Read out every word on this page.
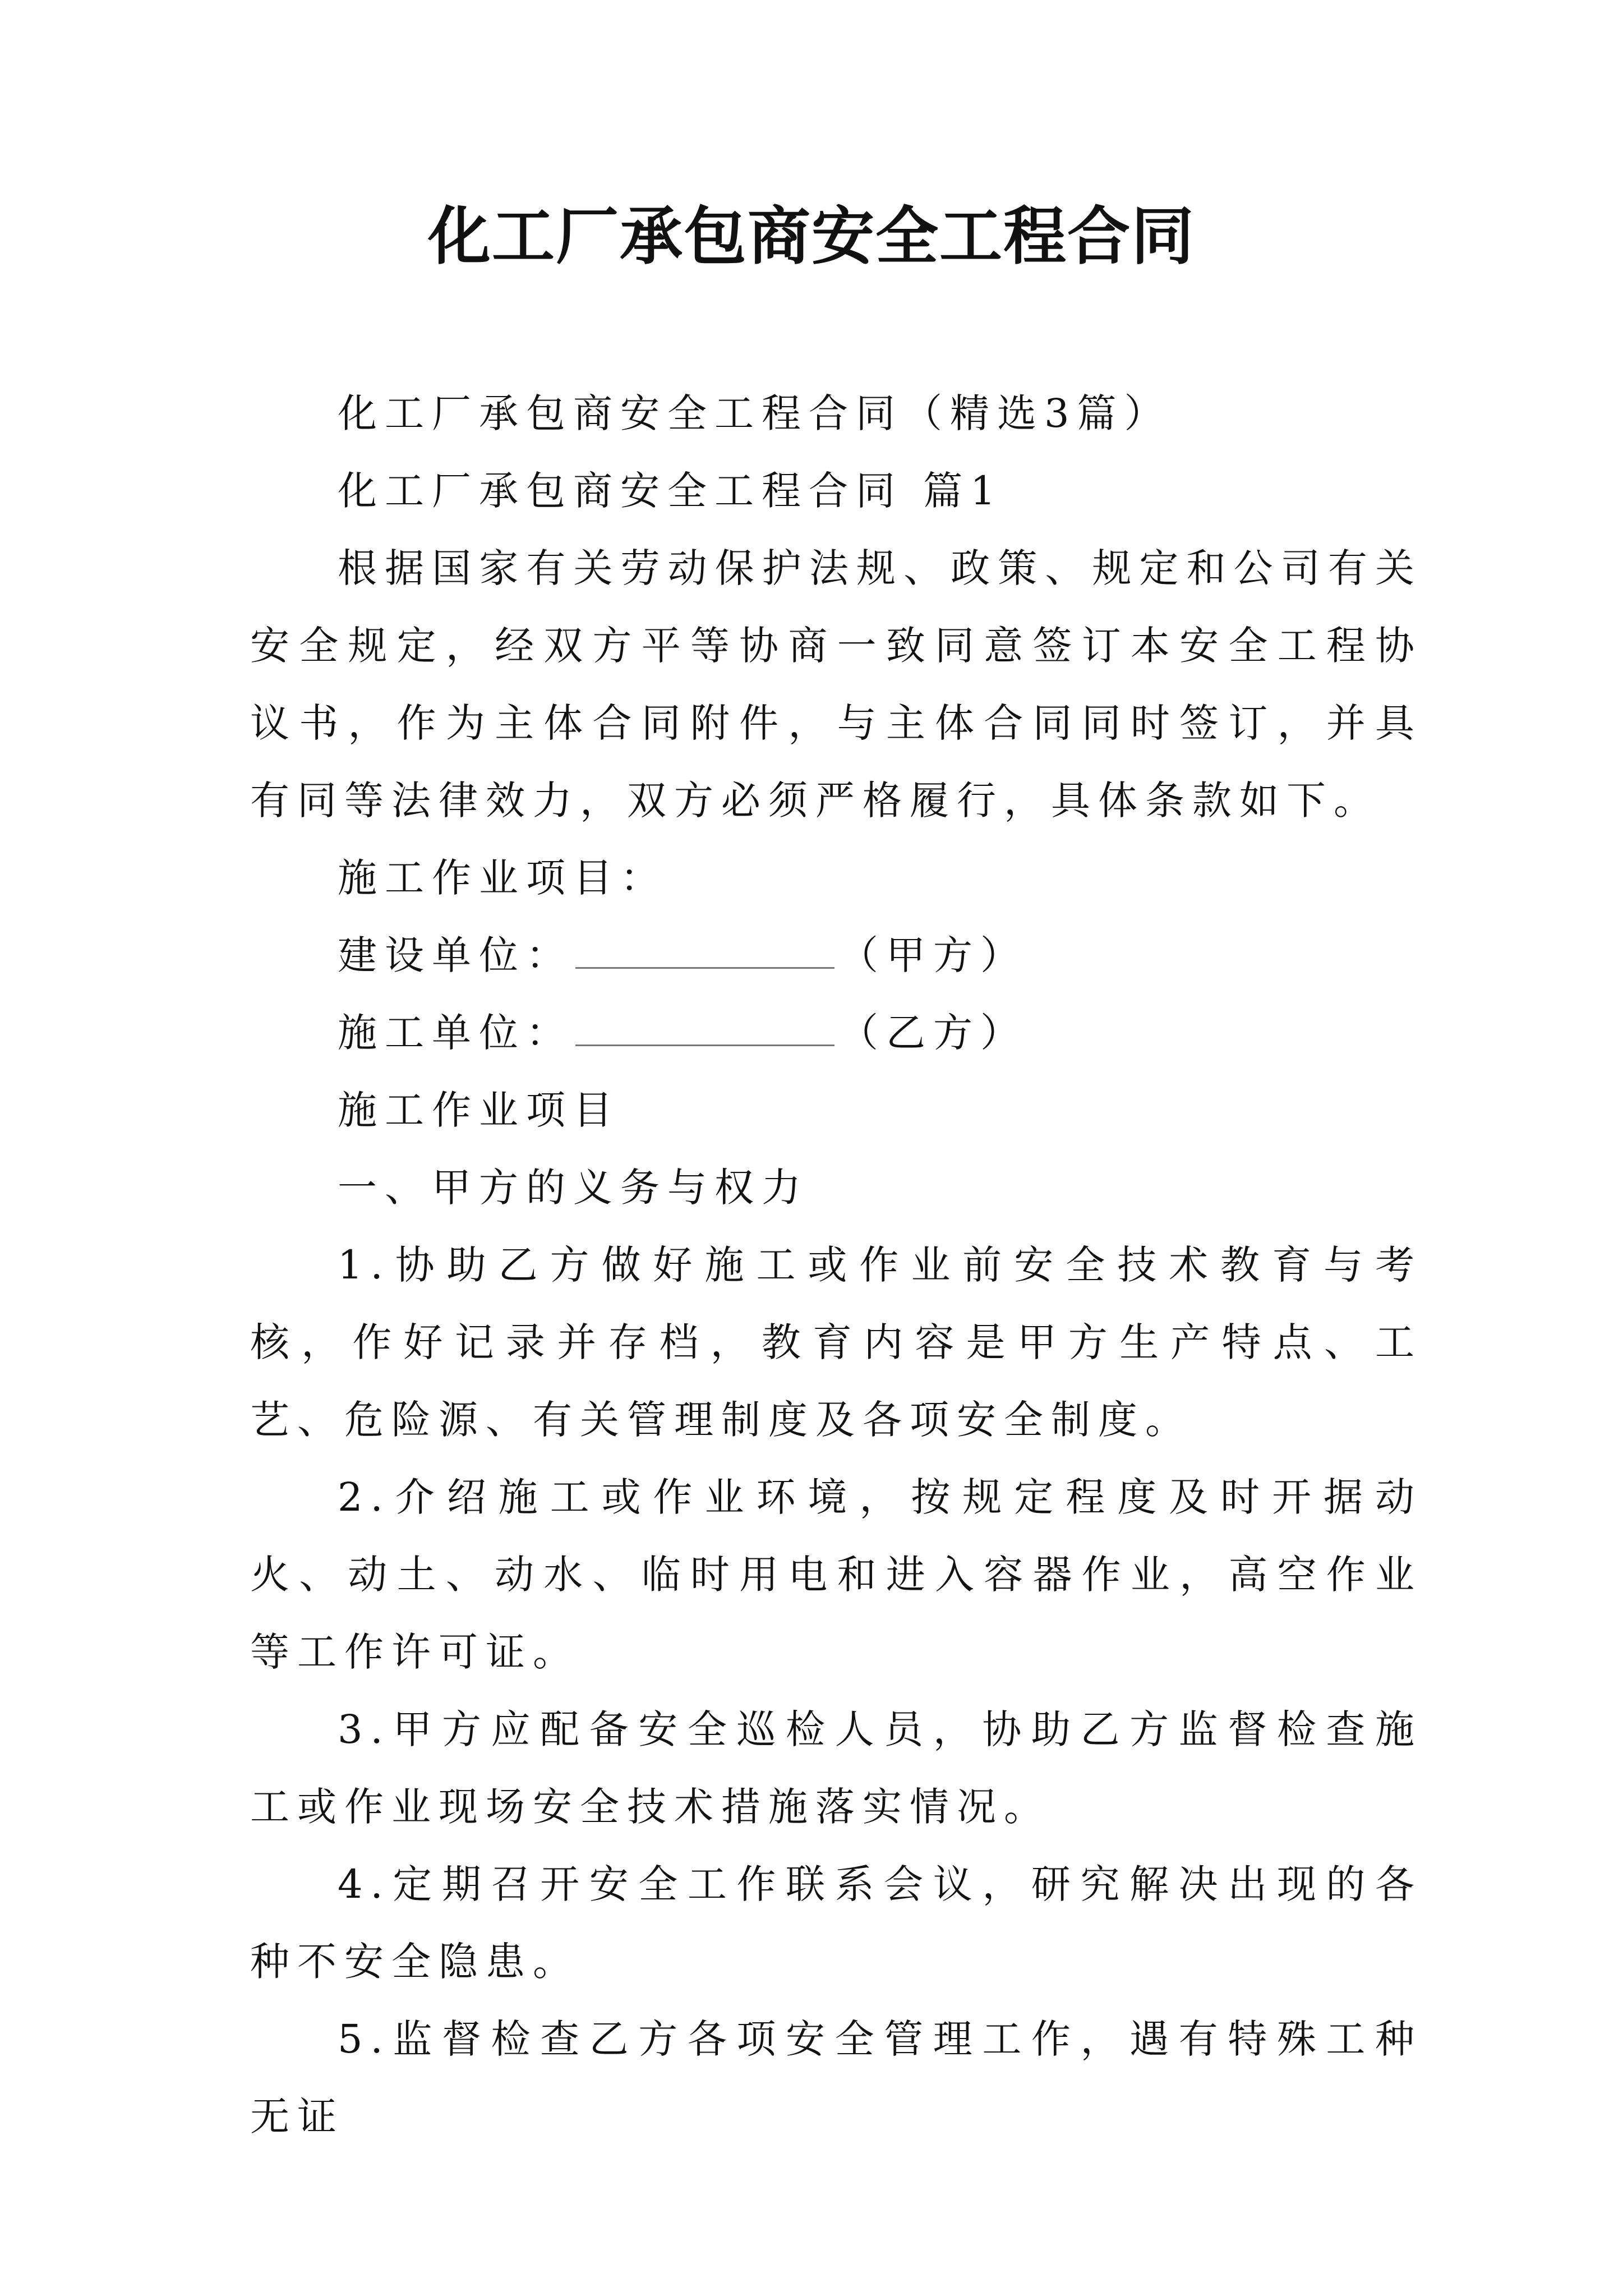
化工厂承包商安全工程合同

化工厂承包商安全工程合同（精选3篇）

化工厂承包商安全工程合同 篇1

根据国家有关劳动保护法规、政策、规定和公司有关安全规定，经双方平等协商一致同意签订本安全工程协议书，作为主体合同附件，与主体合同同时签订，并具有同等法律效力，双方必须严格履行，具体条款如下。

施工作业项目：

建设单位：	（甲方）

施工单位：	（乙方）

施工作业项目

一、甲方的义务与权力

1.协助乙方做好施工或作业前安全技术教育与考核，作好记录并存档，教育内容是甲方生产特点、工艺、危险源、有关管理制度及各项安全制度。

2.介绍施工或作业环境，按规定程度及时开据动火、动土、动水、临时用电和进入容器作业，高空作业等工作许可证。

3.甲方应配备安全巡检人员，协助乙方监督检查施工或作业现场安全技术措施落实情况。

4.定期召开安全工作联系会议，研究解决出现的各种不安全隐患。

5.监督检查乙方各项安全管理工作，遇有特殊工种无证
